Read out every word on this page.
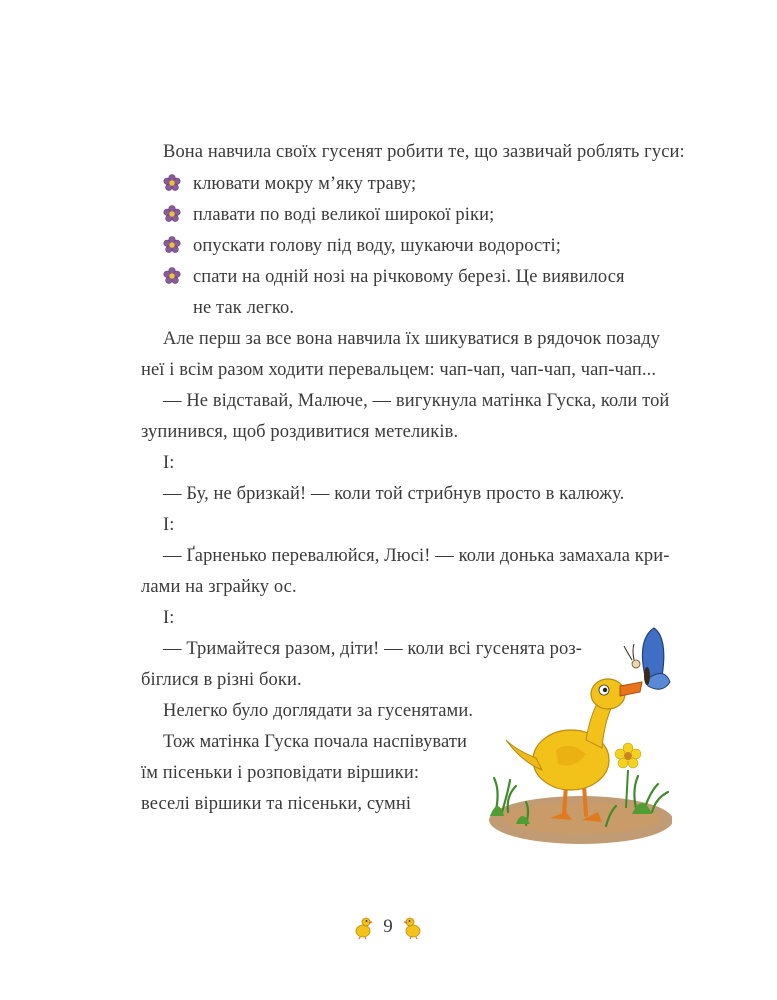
Вона навчила своїх гусенят робити те, що зазвичай роблять гуси:
клювати мокру м’яку траву;
плавати по воді великої широкої ріки;
опускати голову під воду, шукаючи водорості;
спати на одній нозі на річковому березі. Це виявилося
не так легко.
Але перш за все вона навчила їх шикуватися в рядочок позаду
неї і всім разом ходити перевальцем: чап-чап, чап-чап, чап-чап...
— Не відставай, Малюче, — вигукнула матінка Гуска, коли той
зупинився, щоб роздивитися метеликів.
І:
— Бу, не бризкай! — коли той стрибнув просто в калюжу.
І:
— Ґарненько перевалюйся, Люсі! — коли донька замахала кри-
лами на зграйку ос.
І:
— Тримайтеся разом, діти! — коли всі гусенята роз-
біглися в різні боки.
Нелегко було доглядати за гусенятами.
Тож матінка Гуска почала наспівувати
їм пісеньки і розповідати віршики:
веселі віршики та пісеньки, сумні
9
